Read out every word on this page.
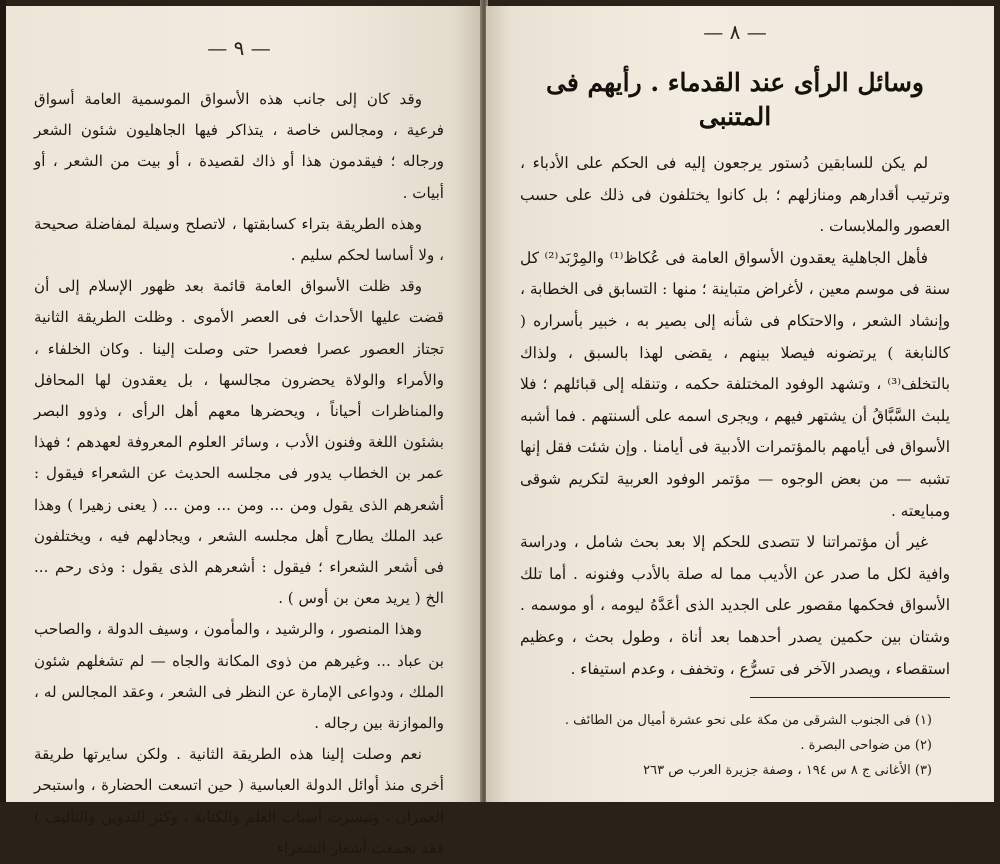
— ٩ —

وقد كان إلى جانب هذه الأسواق الموسمية العامة أسواق فرعية ، ومجالس خاصة ، يتذاكر فيها الجاهليون شئون الشعر ورجاله ؛ فيقدمون هذا أو ذاك لقصيدة ، أو بيت من الشعر ، أو أبيات .

وهذه الطريقة بتراء كسابقتها ، لاتصلح وسيلة لمفاضلة صحيحة ، ولا أساسا لحكم سليم .

وقد ظلت الأسواق العامة قائمة بعد ظهور الإسلام إلى أن قضت عليها الأحداث فى العصر الأموى . وظلت الطريقة الثانية تجتاز العصور عصرا فعصرا حتى وصلت إلينا . وكان الخلفاء ، والأمراء والولاة يحضرون مجالسها ، بل يعقدون لها المحافل والمناظرات أحياناً ، ويحضرها معهم أهل الرأى ، وذوو البصر بشئون اللغة وفنون الأدب ، وسائر العلوم المعروفة لعهدهم ؛ فهذا عمر بن الخطاب يدور فى مجلسه الحديث عن الشعراء فيقول : أشعرهم الذى يقول ومن ... ومن ... ومن ... ( يعنى زهيرا ) وهذا عبد الملك يطارح أهل مجلسه الشعر ، ويجادلهم فيه ، ويختلفون فى أشعر الشعراء ؛ فيقول : أشعرهم الذى يقول : وذى رحم ... الخ ( يريد معن بن أوس ) .

وهذا المنصور ، والرشيد ، والمأمون ، وسيف الدولة ، والصاحب بن عباد ... وغيرهم من ذوى المكانة والجاه — لم تشغلهم شئون الملك ، ودواعى الإمارة عن النظر فى الشعر ، وعقد المجالس له ، والموازنة بين رجاله .

نعم وصلت إلينا هذه الطريقة الثانية . ولكن سايرتها طريقة أخرى منذ أوائل الدولة العباسية ( حين اتسعت الحضارة ، واستبحر العمران ، وتيسرت أسباب العلم والكتابة ، وكثر التدوين والتأليف ) فقد تجمعت أشعار الشعراء

— ٨ —
وسائل الرأى عند القدماء . رأيهم فى المتنبى

لم يكن للسابقين دُستور يرجعون إليه فى الحكم على الأدباء ، وترتيب أقدارهم ومنازلهم ؛ بل كانوا يختلفون فى ذلك على حسب العصور والملابسات .

فأهل الجاهلية يعقدون الأسواق العامة فى عُكاظ⁽¹⁾ والمِرْبَد⁽²⁾ كل سنة فى موسم معين ، لأغراض متباينة ؛ منها : التسابق فى الخطابة ، وإنشاد الشعر ، والاحتكام فى شأنه إلى بصير به ، خبير بأسراره ( كالنابغة ) يرتضونه فيصلا بينهم ، يقضى لهذا بالسبق ، ولذاك بالتخلف⁽³⁾ ، وتشهد الوفود المختلفة حكمه ، وتنقله إلى قبائلهم ؛ فلا يلبث السَّبَّاقُ أن يشتهر فيهم ، ويجرى اسمه على ألسنتهم . فما أشبه الأسواق فى أيامهم بالمؤتمرات الأدبية فى أيامنا . وإن شئت فقل إنها تشبه — من بعض الوجوه — مؤتمر الوفود العربية لتكريم شوقى ومبايعته .

غير أن مؤتمراتنا لا تتصدى للحكم إلا بعد بحث شامل ، ودراسة وافية لكل ما صدر عن الأديب مما له صلة بالأدب وفنونه . أما تلك الأسواق فحكمها مقصور على الجديد الذى أعَدَّهُ ليومه ، أو موسمه . وشتان بين حكمين يصدر أحدهما بعد أناة ، وطول بحث ، وعظيم استقصاء ، ويصدر الآخر فى تسرُّع ، وتخفف ، وعدم استيفاء .

(١) فى الجنوب الشرقى من مكة على نحو عشرة أميال من الطائف .
(٢) من ضواحى البصرة .
(٣) الأغانى ج ٨ س ١٩٤ ، وصفة جزيرة العرب ص ٢٦٣
